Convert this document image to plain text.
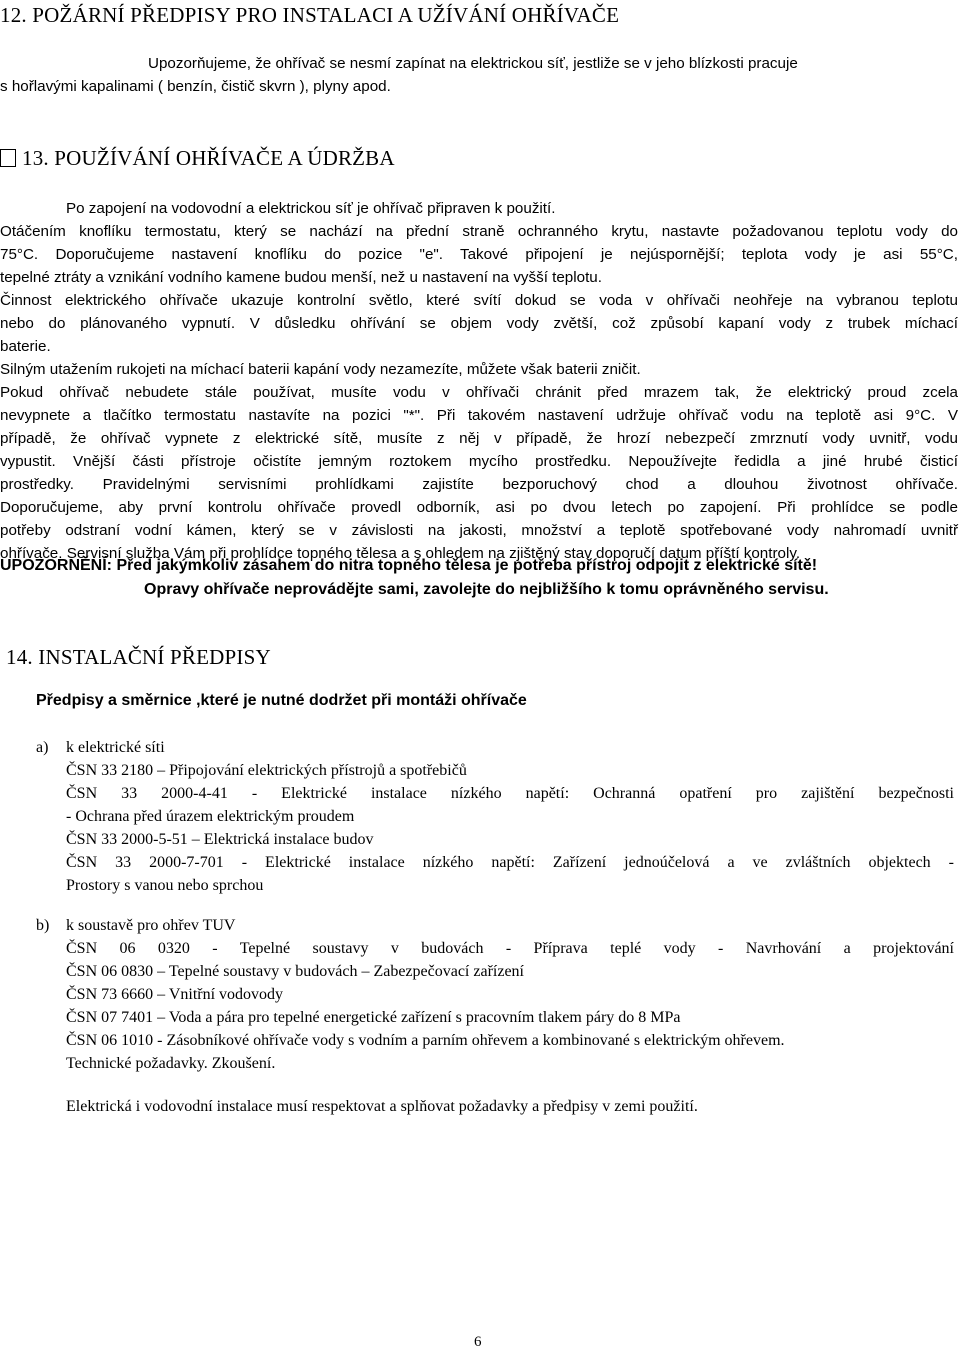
12. POŽÁRNÍ PŘEDPISY PRO INSTALACI A UŽÍVÁNÍ OHŘÍVAČE
Upozorňujeme, že ohřívač se nesmí zapínat na elektrickou síť, jestliže se v jeho blízkosti pracuje
s hořlavými kapalinami ( benzín, čistič skvrn ), plyny apod.
13. POUŽÍVÁNÍ OHŘÍVAČE A ÚDRŽBA
Po zapojení na vodovodní a elektrickou síť je ohřívač připraven k použití.
Otáčením knoflíku termostatu, který se nachází na přední straně ochranného krytu, nastavte požadovanou teplotu vody do
75°C. Doporučujeme nastavení knoflíku do pozice "e". Takové připojení je nejúspornější; teplota vody je asi 55°C,
tepelné ztráty a vznikání vodního kamene budou menší, než u nastavení na vyšší teplotu.
Činnost elektrického ohřívače ukazuje kontrolní světlo, které svítí dokud se voda v ohřívači neohřeje na vybranou teplotu
nebo do plánovaného vypnutí. V důsledku ohřívání se objem vody zvětší, což způsobí kapaní vody z trubek míchací
baterie.
Silným utažením rukojeti na míchací baterii kapání vody nezamezíte, můžete však baterii zničit.
Pokud ohřívač nebudete stále používat, musíte vodu v ohřívači chránit před mrazem tak, že elektrický proud zcela
nevypnete a tlačítko termostatu nastavíte na pozici "*". Při takovém nastavení udržuje ohřívač vodu na teplotě asi 9°C. V
případě, že ohřívač vypnete z elektrické sítě, musíte z něj v případě, že hrozí nebezpečí zmrznutí vody uvnitř, vodu
vypustit. Vnější části přístroje očistíte jemným roztokem mycího prostředku. Nepoužívejte ředidla a jiné hrubé čisticí
prostředky. Pravidelnými servisními prohlídkami zajistíte bezporuchový chod a dlouhou životnost ohřívače.
Doporučujeme, aby první kontrolu ohřívače provedl odborník, asi po dvou letech po zapojení. Při prohlídce se podle
potřeby odstraní vodní kámen, který se v závislosti na jakosti, množství a teplotě spotřebované vody nahromadí uvnitř
ohřívače. Servisní služba Vám při prohlídce topného tělesa a s ohledem na zjištěný stav doporučí datum příští kontroly.
UPOZORNĚNÍ: Před jakýmkoliv zásahem do nitra topného tělesa je potřeba přístroj odpojit z elektrické sítě!
Opravy ohřívače neprovádějte sami, zavolejte do nejbližšího k tomu oprávněného servisu.
14. INSTALAČNÍ PŘEDPISY
Předpisy a směrnice ,které je nutné dodržet při montáži ohřívače
a) k elektrické síti
ČSN 33 2180 – Připojování elektrických přístrojů a spotřebičů
ČSN 33 2000-4-41 - Elektrické instalace nízkého napětí: Ochranná opatření pro zajištění bezpečnosti
- Ochrana před úrazem elektrickým proudem
ČSN 33 2000-5-51 – Elektrická instalace budov
ČSN 33 2000-7-701 - Elektrické instalace nízkého napětí: Zařízení jednoúčelová a ve zvláštních objektech -
Prostory s vanou nebo sprchou
b) k soustavě pro ohřev TUV
ČSN 06 0320 - Tepelné soustavy v budovách - Příprava teplé vody - Navrhování a projektování
ČSN 06 0830 – Tepelné soustavy v budovách – Zabezpečovací zařízení
ČSN 73 6660 – Vnitřní vodovody
ČSN 07 7401 – Voda a pára pro tepelné energetické zařízení s pracovním tlakem páry do 8 MPa
ČSN 06 1010 - Zásobníkové ohřívače vody s vodním a parním ohřevem a kombinované s elektrickým ohřevem.
Technické požadavky. Zkoušení.
Elektrická i vodovodní instalace musí respektovat a splňovat požadavky a předpisy v zemi použití.
6
